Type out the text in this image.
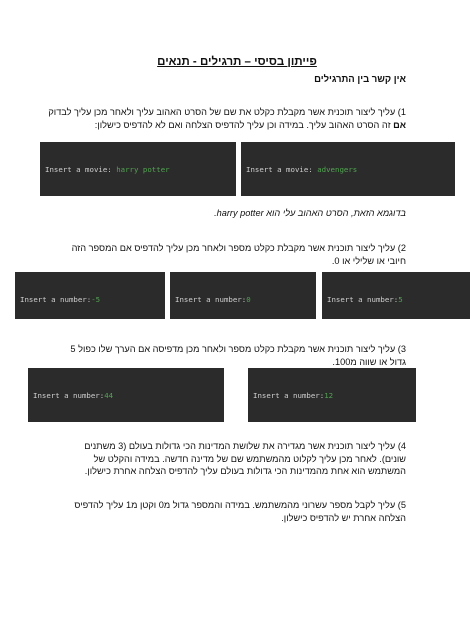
פייתון בסיסי – תרגילים - תנאים
אין קשר בין התרגילים
1) עליך ליצור תוכנית אשר מקבלת כקלט את שם של הסרט האהוב עליך ולאחר מכן עליך לבדוק
אם זה הסרט האהוב עליך. במידה וכן עליך להדפיס הצלחה ואם לא להדפיס כישלון:

Insert a movie: harry potter

	Insert a movie: advengers

בדוגמא הזאת, הסרט האהוב עלי הוא harry potter.
2) עליך ליצור תוכנית אשר מקבלת כקלט מספר ולאחר מכן עליך להדפיס אם המספר הזה
חיובי או שלילי או 0.

Insert a number:-5

	Insert a number:0

	Insert a number:5

3) עליך ליצור תוכנית אשר מקבלת כקלט מספר ולאחר מכן מדפיסה אם הערך שלו כפול 5
גדול או שווה מ100.

Insert a number:44

	Insert a number:12

4) עליך ליצור תוכנית אשר מגדירה את שלושת המדינות הכי גדולות בעולם (3 משתנים
שונים). לאחר מכן עליך לקלוט מהמשתמש שם של מדינה חדשה. במידה והקלט של
המשתמש הוא אחת מהמדינות הכי גדולות בעולם עליך להדפיס הצלחה אחרת כישלון.
5) עליך לקבל מספר עשרוני מהמשתמש. במידה והמספר גדול מ0 וקטן מ1 עליך להדפיס
הצלחה אחרת יש להדפיס כישלון.
